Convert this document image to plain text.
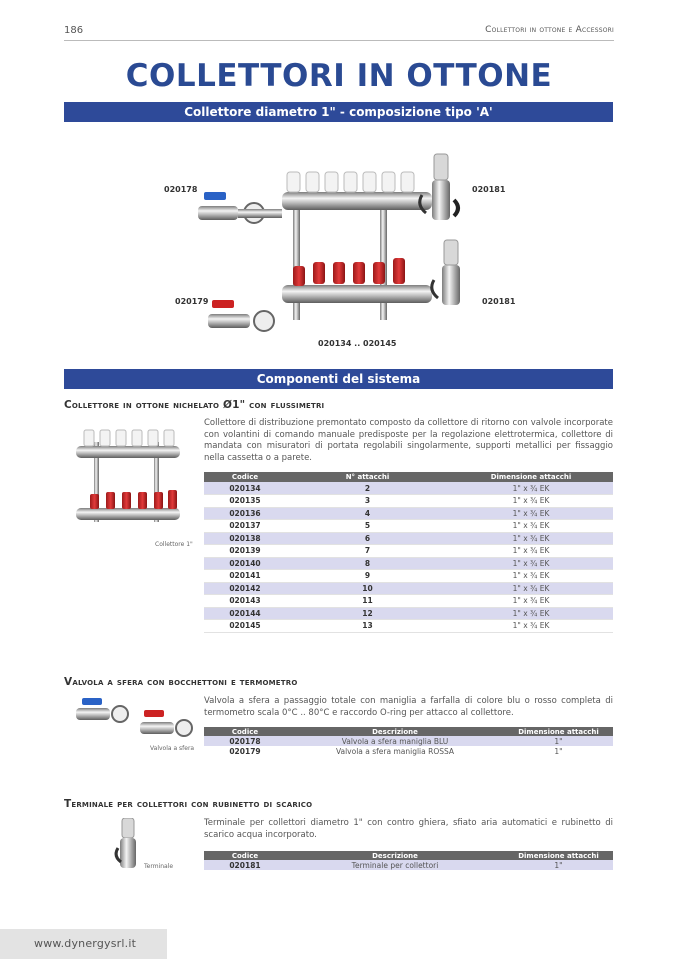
186	Collettori in ottone e Accessori
COLLETTORI IN OTTONE
Collettore diametro 1" - composizione tipo 'A'
020178	020181
020179	020181
020134 .. 020145
Componenti del sistema
Collettore in ottone nichelato Ø1" con flussimetri
Collettore 1"
Collettore di distribuzione premontato composto da collettore di ritorno con valvole incorporate con volantini di comando manuale predisposte per la regolazione elettrotermica, collettore di mandata con misuratori di portata regolabili singolarmente, supporti metallici per fissaggio nella cassetta o a parete.
Codice	N° attacchi	Dimensione attacchi
020134	2	1" x ¾ EK
020135	3	1" x ¾ EK
020136	4	1" x ¾ EK
020137	5	1" x ¾ EK
020138	6	1" x ¾ EK
020139	7	1" x ¾ EK
020140	8	1" x ¾ EK
020141	9	1" x ¾ EK
020142	10	1" x ¾ EK
020143	11	1" x ¾ EK
020144	12	1" x ¾ EK
020145	13	1" x ¾ EK
Valvola a sfera con bocchettoni e termometro
Valvola a sfera
Valvola a sfera a passaggio totale con maniglia a farfalla di colore blu o rosso completa di termometro scala 0°C .. 80°C e raccordo O-ring per attacco al collettore.
Codice	Descrizione	Dimensione attacchi
020178	Valvola a sfera maniglia BLU	1"
020179	Valvola a sfera maniglia ROSSA	1"
Terminale per collettori con rubinetto di scarico
Terminale
Terminale per collettori diametro 1" con contro ghiera, sfiato aria automatici e rubinetto di scarico acqua incorporato.
Codice	Descrizione	Dimensione attacchi
020181	Terminale per collettori	1"
www.dynergysrl.it
